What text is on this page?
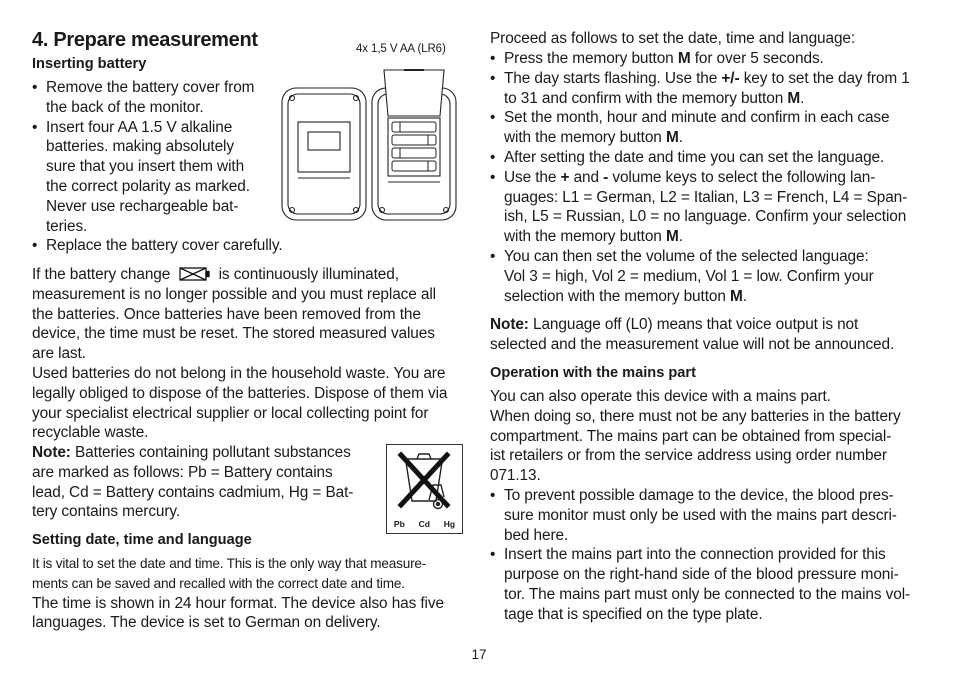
4. Prepare measurement
Inserting battery
• Remove the battery cover from
the back of the monitor.
• Insert four AA 1.5 V alkaline
batteries. making absolutely
sure that you insert them with
the correct polarity as marked.
Never use rechargeable bat-
teries.
• Replace the battery cover carefully.
4x 1,5 V AA (LR6)
If the battery change	is continuously illuminated,
measurement is no longer possible and you must replace all
the batteries. Once batteries have been removed from the
device, the time must be reset. The stored measured values
are last.
Used batteries do not belong in the household waste. You are
legally obliged to dispose of the batteries. Dispose of them via
your specialist electrical supplier or local collecting point for
recyclable waste.
Note: Batteries containing pollutant substances
are marked as follows: Pb = Battery contains
lead, Cd = Battery contains cadmium, Hg = Bat-
tery contains mercury.
Pb Cd Hg
Setting date, time and language
It is vital to set the date and time. This is the only way that measure-
ments can be saved and recalled with the correct date and time.
The time is shown in 24 hour format. The device also has five
languages. The device is set to German on delivery.
Proceed as follows to set the date, time and language:
• Press the memory button M for over 5 seconds.
• The day starts flashing. Use the +/- key to set the day from 1
to 31 and confirm with the memory button M.
• Set the month, hour and minute and confirm in each case
with the memory button M.
• After setting the date and time you can set the language.
• Use the + and - volume keys to select the following lan-
guages: L1 = German, L2 = Italian, L3 = French, L4 = Span-
ish, L5 = Russian, L0 = no language. Confirm your selection
with the memory button M.
• You can then set the volume of the selected language:
Vol 3 = high, Vol 2 = medium, Vol 1 = low. Confirm your
selection with the memory button M.
Note: Language off (L0) means that voice output is not
selected and the measurement value will not be announced.
Operation with the mains part
You can also operate this device with a mains part.
When doing so, there must not be any batteries in the battery
compartment. The mains part can be obtained from special-
ist retailers or from the service address using order number
071.13.
• To prevent possible damage to the device, the blood pres-
sure monitor must only be used with the mains part descri-
bed here.
• Insert the mains part into the connection provided for this
purpose on the right-hand side of the blood pressure moni-
tor. The mains part must only be connected to the mains vol-
tage that is specified on the type plate.
17
